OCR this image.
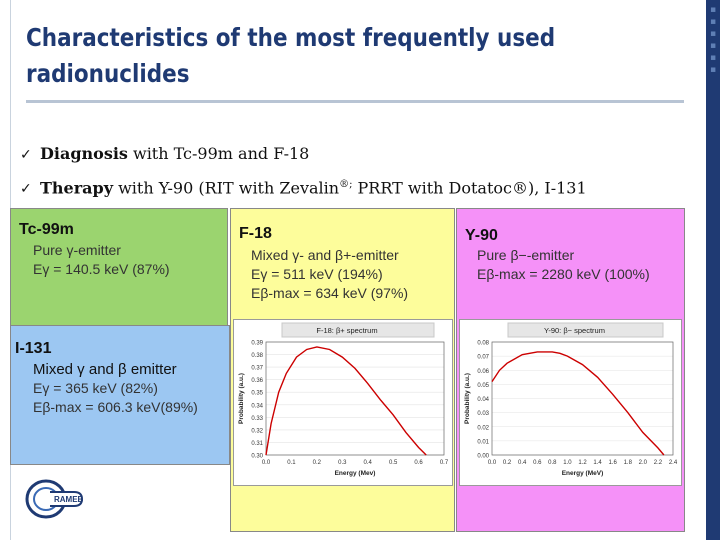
▪
▪
▪
▪
▪
▪
Characteristics of the most frequently used
radionuclides
✓ Diagnosis with Tc-99m and F-18
✓ Therapy with Y-90 (RIT with Zevalin®; PRRT with Dotatoc®), I-131
F-18
Mixed γ- and β+-emitter
Eγ = 511 keV (194%)
Eβ-max = 634 keV (97%)
Y-90
Pure β−-emitter
Eβ-max = 2280 keV (100%)
Tc-99m
Pure γ-emitter
Eγ = 140.5 keV (87%)
I-131
Mixed γ and β emitter
Eγ = 365 keV (82%)
Eβ-max = 606.3 keV(89%)
F-18: β+ spectrum
0.30
0.31
0.32
0.33
0.34
0.35
0.36
0.37
0.38
0.39
0.0	0.1	0.2	0.3	0.4	0.5	0.6	0.7
Energy (Mev)
Probability (a.u.)
Y-90: β− spectrum
0.00
0.01
0.02
0.03
0.04
0.05
0.06
0.07
0.08
0.0 0.2 0.4 0.6 0.8 1.0 1.2 1.4 1.6 1.8 2.0 2.2 2.4
Energy (MeV)
Probability (a.u.)
RAMEB
